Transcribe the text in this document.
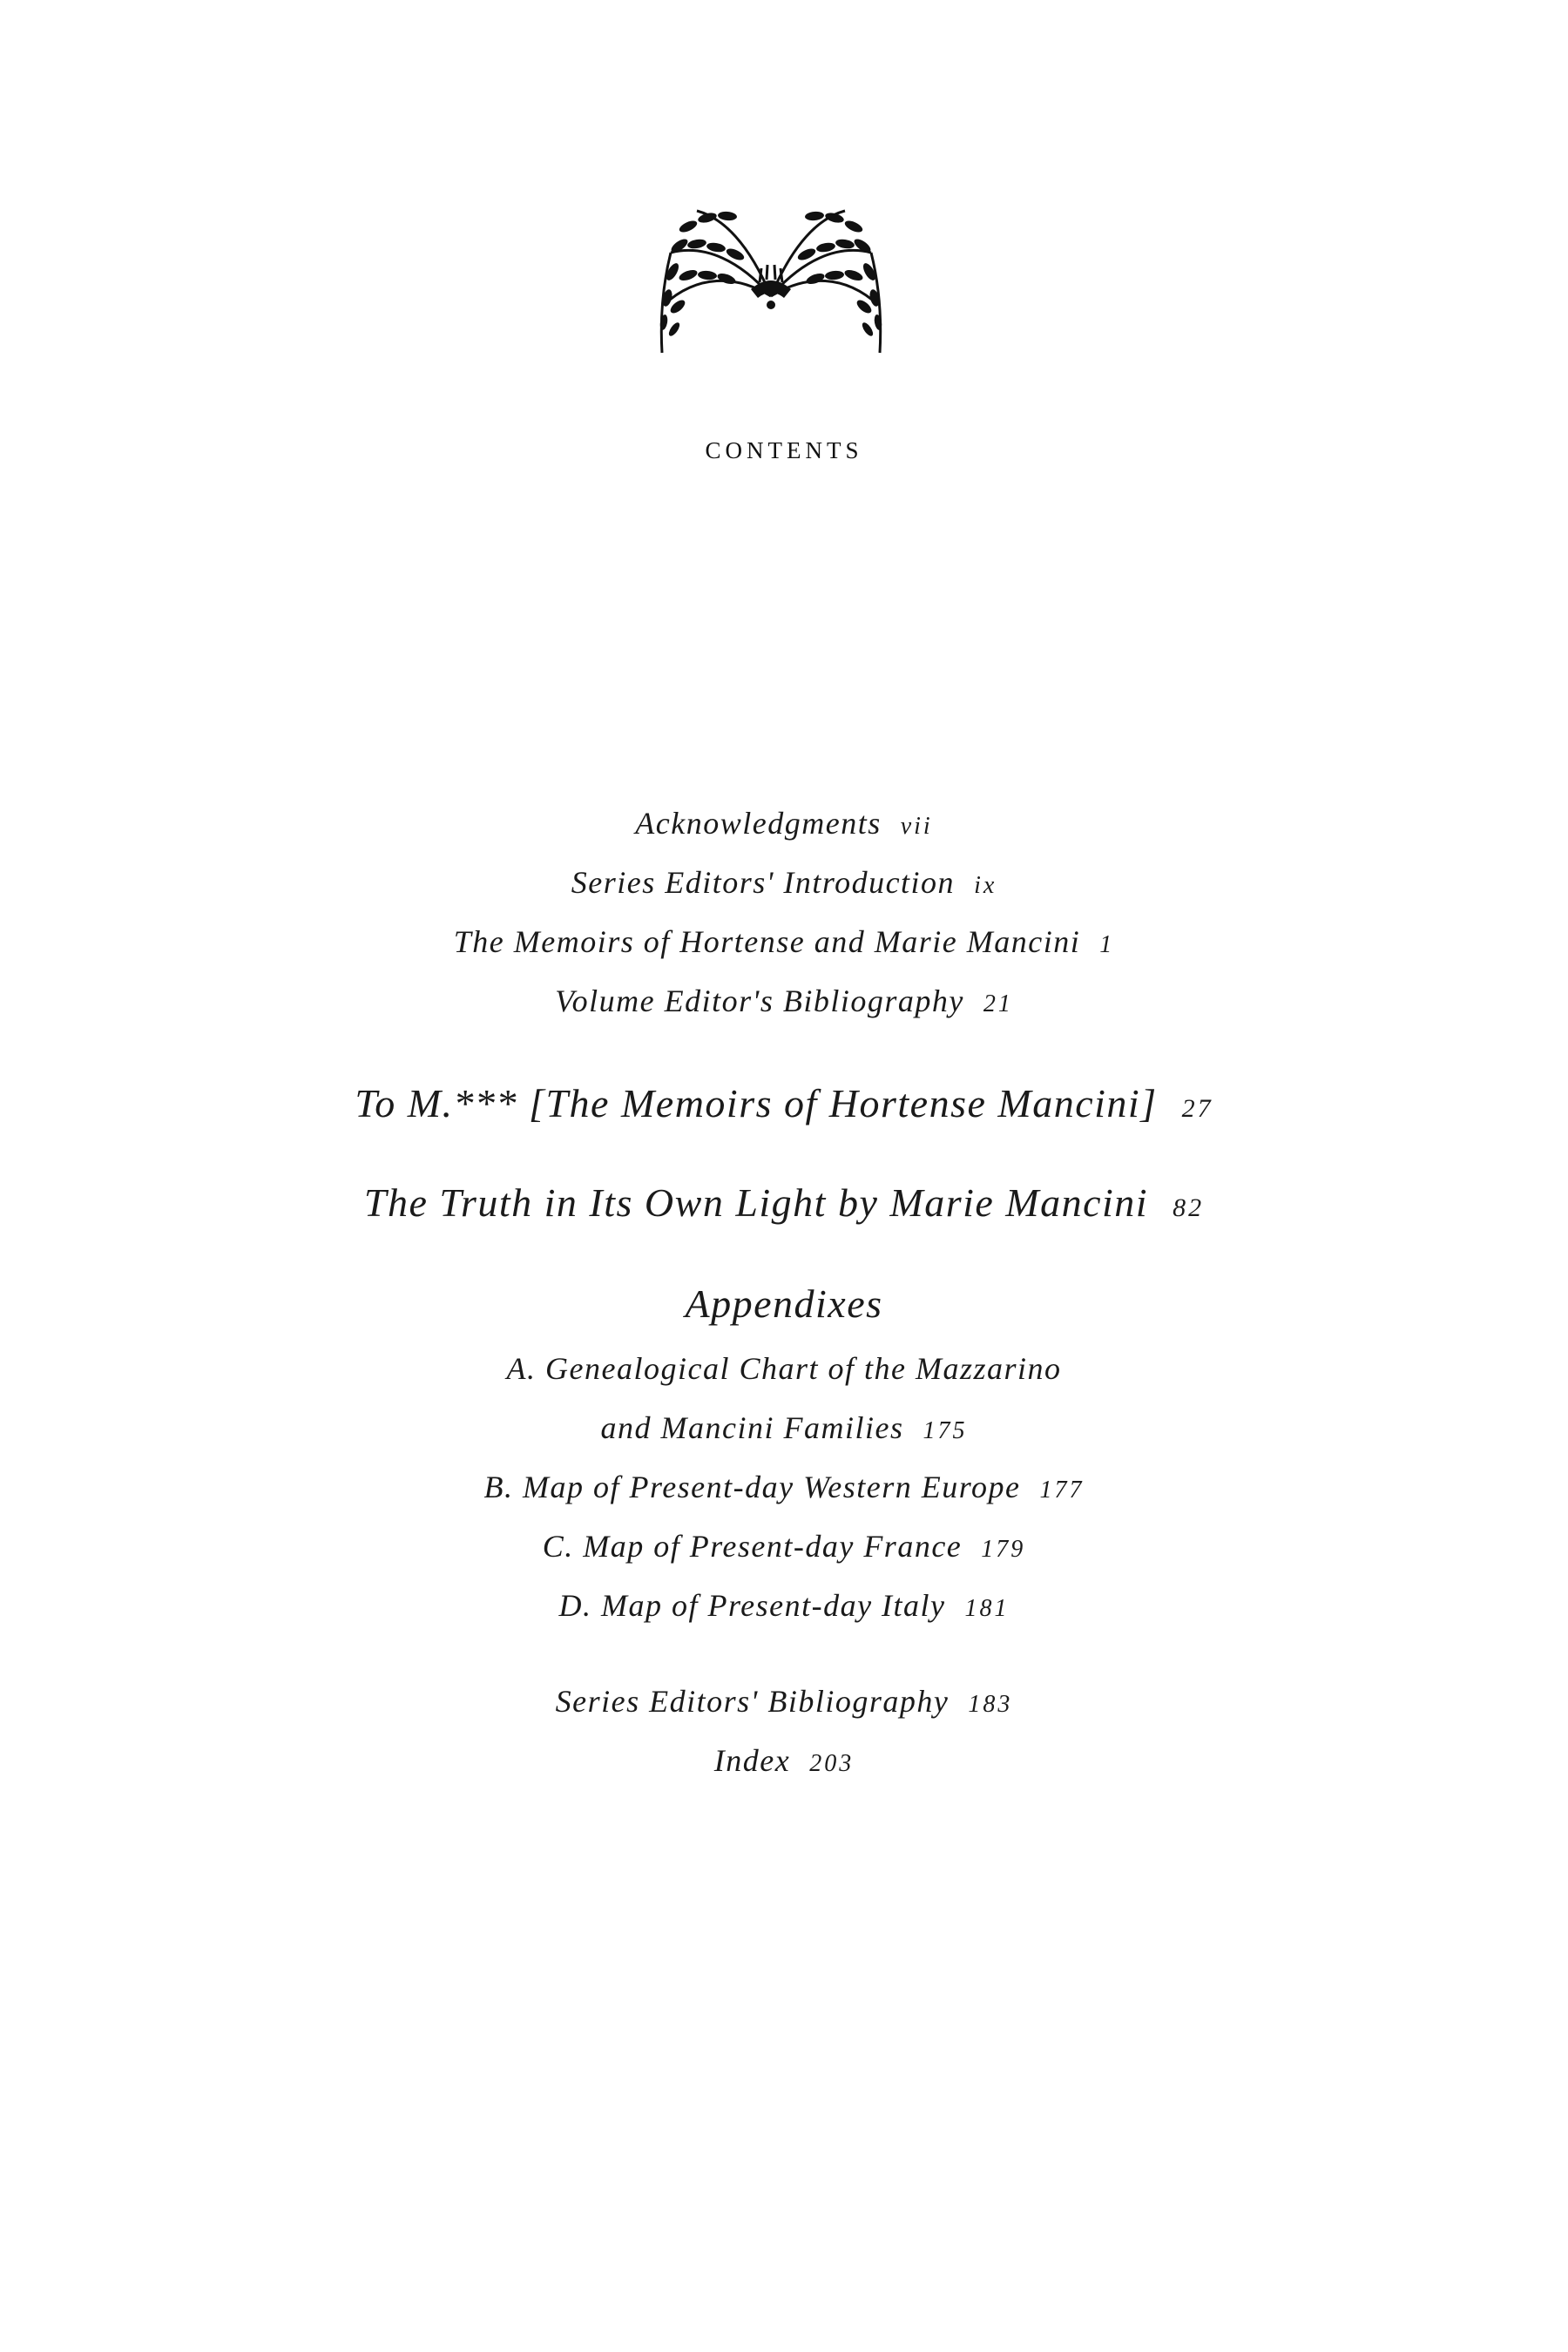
contents
Acknowledgments vii
Series Editors' Introduction ix
The Memoirs of Hortense and Marie Mancini 1
Volume Editor's Bibliography 21
To M.*** [The Memoirs of Hortense Mancini] 27
The Truth in Its Own Light by Marie Mancini 82
Appendixes
A. Genealogical Chart of the Mazzarino
and Mancini Families 175
B. Map of Present-day Western Europe 177
C. Map of Present-day France 179
D. Map of Present-day Italy 181
Series Editors' Bibliography 183
Index 203
